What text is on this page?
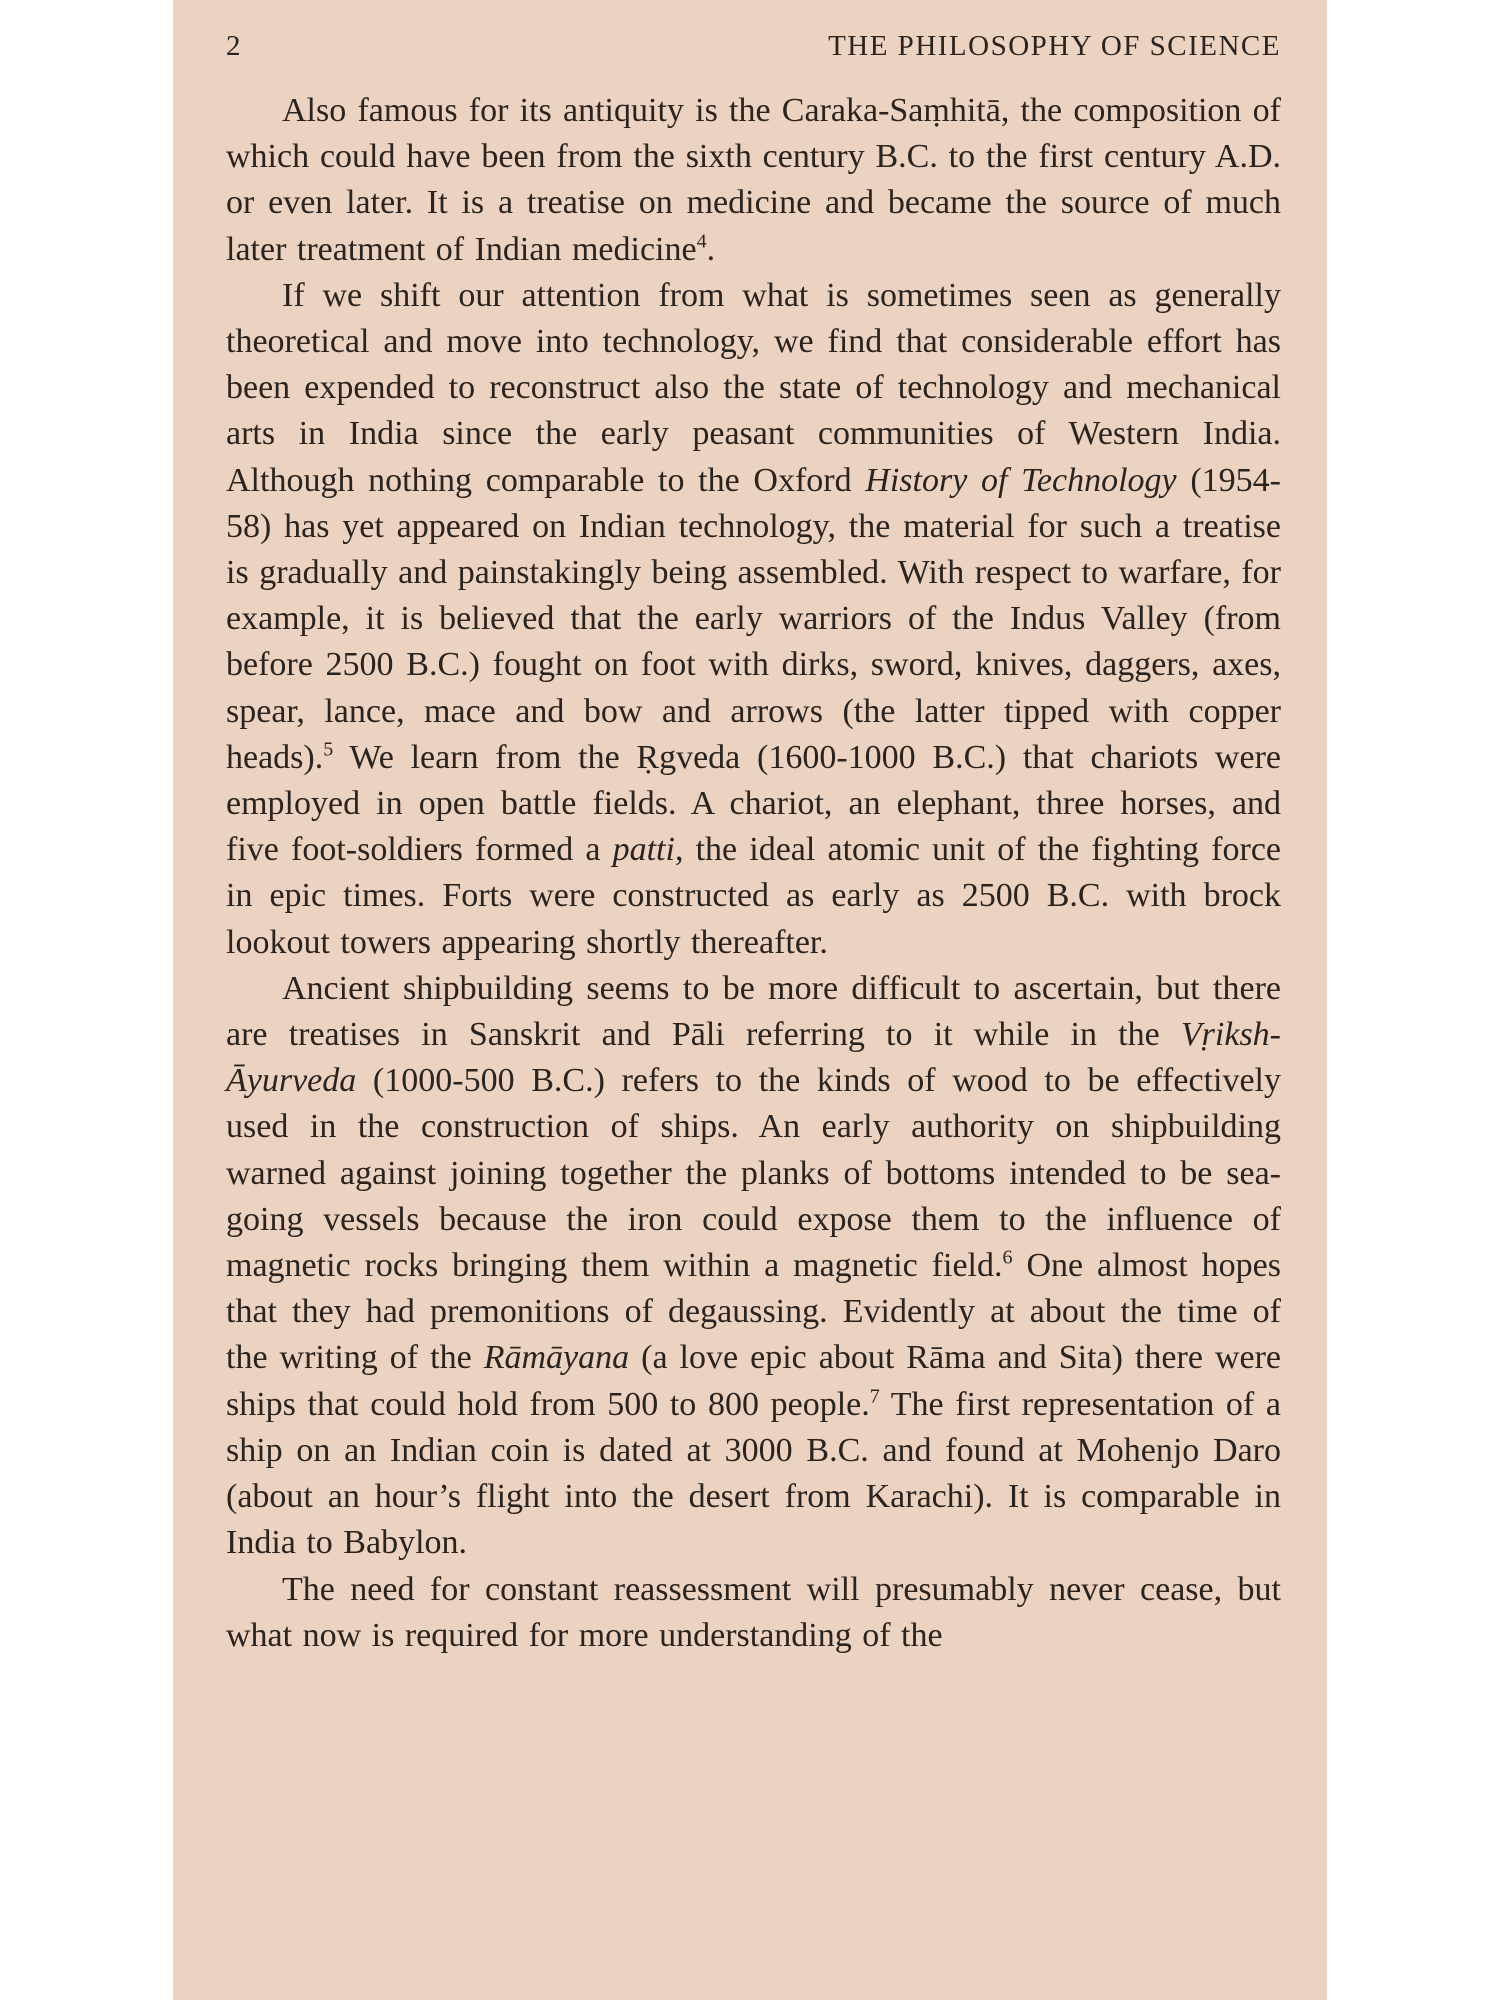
2	THE PHILOSOPHY OF SCIENCE

Also famous for its antiquity is the Caraka-Saṃhitā, the composition of which could have been from the sixth century B.C. to the first century A.D. or even later. It is a treatise on medicine and became the source of much later treatment of Indian medicine$^4$.

If we shift our attention from what is sometimes seen as generally theoretical and move into technology, we find that considerable effort has been expended to reconstruct also the state of technology and mechanical arts in India since the early peasant communities of Western India. Although nothing comparable to the Oxford History of Technology (1954-58) has yet appeared on Indian technology, the material for such a treatise is gradually and painstakingly being assembled. With respect to warfare, for example, it is believed that the early warriors of the Indus Valley (from before 2500 B.C.) fought on foot with dirks, sword, knives, daggers, axes, spear, lance, mace and bow and arrows (the latter tipped with copper heads).$^5$ We learn from the Ṛgveda (1600-1000 B.C.) that chariots were employed in open battle fields. A chariot, an elephant, three horses, and five foot-soldiers formed a patti, the ideal atomic unit of the fighting force in epic times. Forts were constructed as early as 2500 B.C. with brock lookout towers appearing shortly thereafter.

Ancient shipbuilding seems to be more difficult to ascertain, but there are treatises in Sanskrit and Pāli referring to it while in the Vṛiksh-Āyurveda (1000-500 B.C.) refers to the kinds of wood to be effectively used in the construction of ships. An early authority on shipbuilding warned against joining together the planks of bottoms intended to be sea-going vessels because the iron could expose them to the influence of magnetic rocks bringing them within a magnetic field.$^6$ One almost hopes that they had premonitions of degaussing. Evidently at about the time of the writing of the Rāmāyana (a love epic about Rāma and Sita) there were ships that could hold from 500 to 800 people.$^7$ The first representation of a ship on an Indian coin is dated at 3000 B.C. and found at Mohenjo Daro (about an hour’s flight into the desert from Karachi). It is comparable in India to Babylon.

The need for constant reassessment will presumably never cease, but what now is required for more understanding of the
